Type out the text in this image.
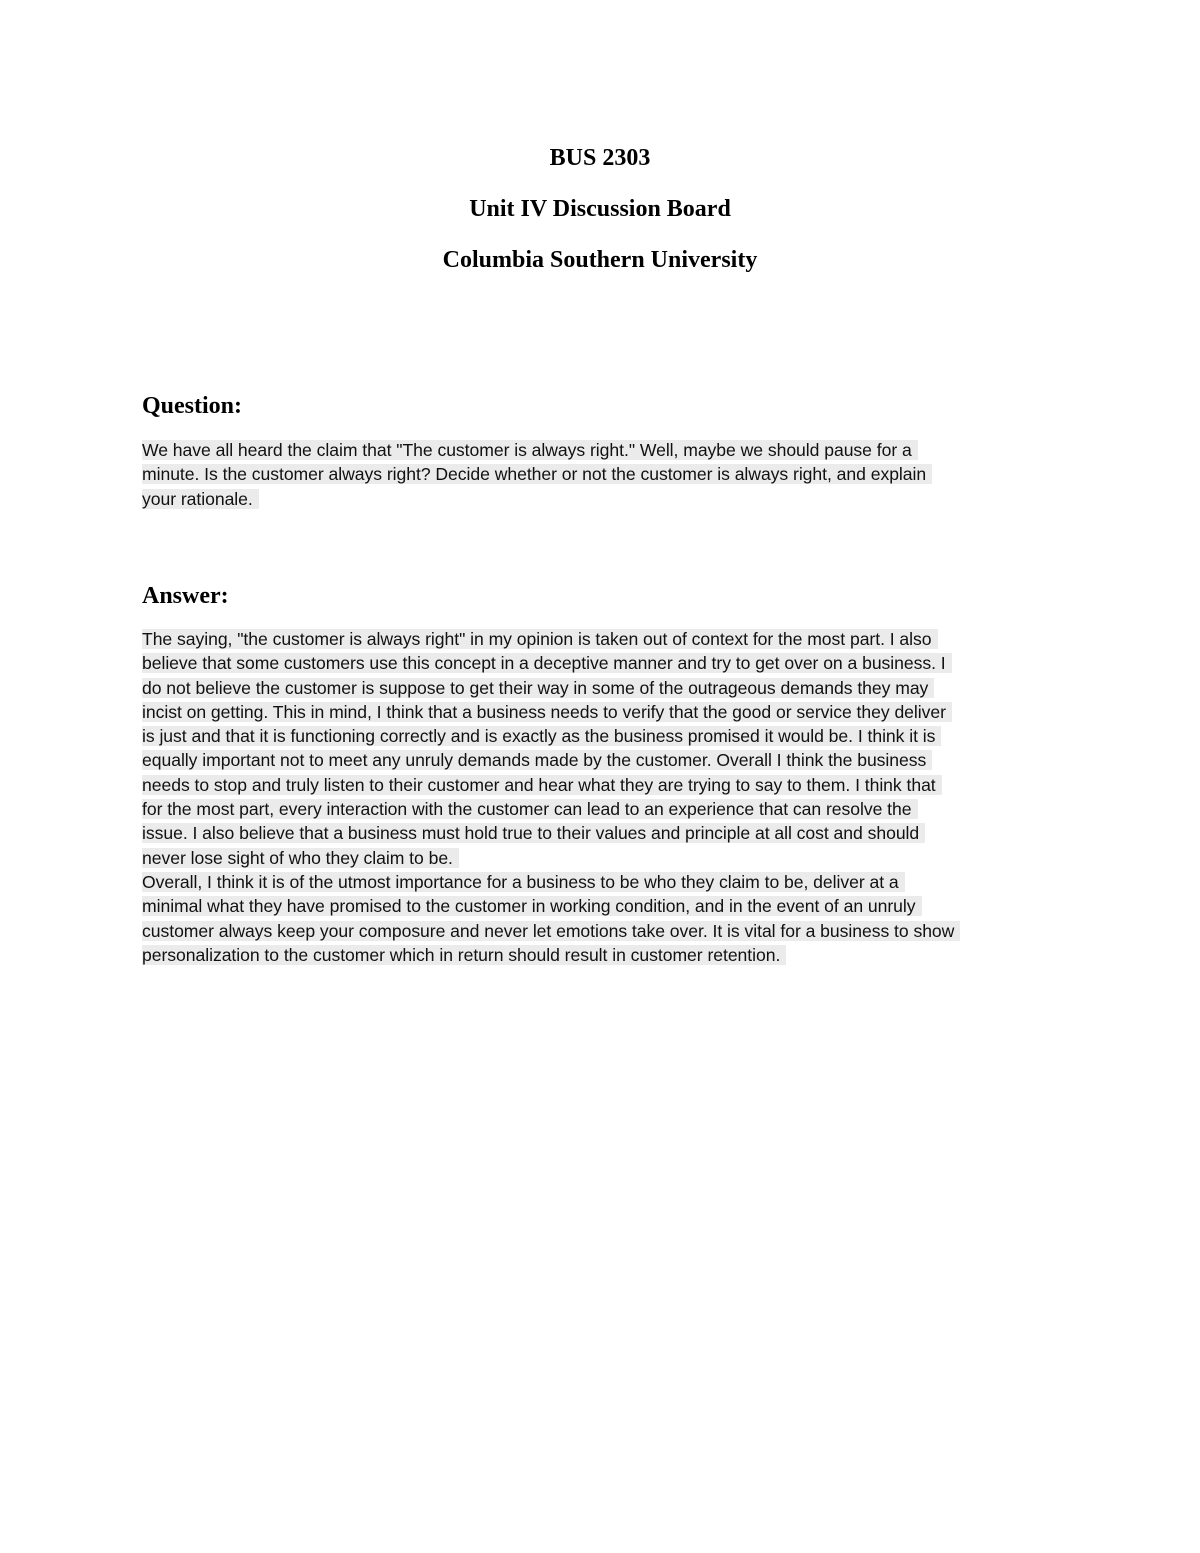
BUS 2303
Unit IV Discussion Board
Columbia Southern University
Question:
We have all heard the claim that "The customer is always right." Well, maybe we should pause for a
minute. Is the customer always right? Decide whether or not the customer is always right, and explain
your rationale.
Answer:
The saying, "the customer is always right" in my opinion is taken out of context for the most part. I also
believe that some customers use this concept in a deceptive manner and try to get over on a business. I
do not believe the customer is suppose to get their way in some of the outrageous demands they may
incist on getting. This in mind, I think that a business needs to verify that the good or service they deliver
is just and that it is functioning correctly and is exactly as the business promised it would be. I think it is
equally important not to meet any unruly demands made by the customer. Overall I think the business
needs to stop and truly listen to their customer and hear what they are trying to say to them. I think that
for the most part, every interaction with the customer can lead to an experience that can resolve the
issue. I also believe that a business must hold true to their values and principle at all cost and should
never lose sight of who they claim to be.
Overall, I think it is of the utmost importance for a business to be who they claim to be, deliver at a
minimal what they have promised to the customer in working condition, and in the event of an unruly
customer always keep your composure and never let emotions take over. It is vital for a business to show
personalization to the customer which in return should result in customer retention.
